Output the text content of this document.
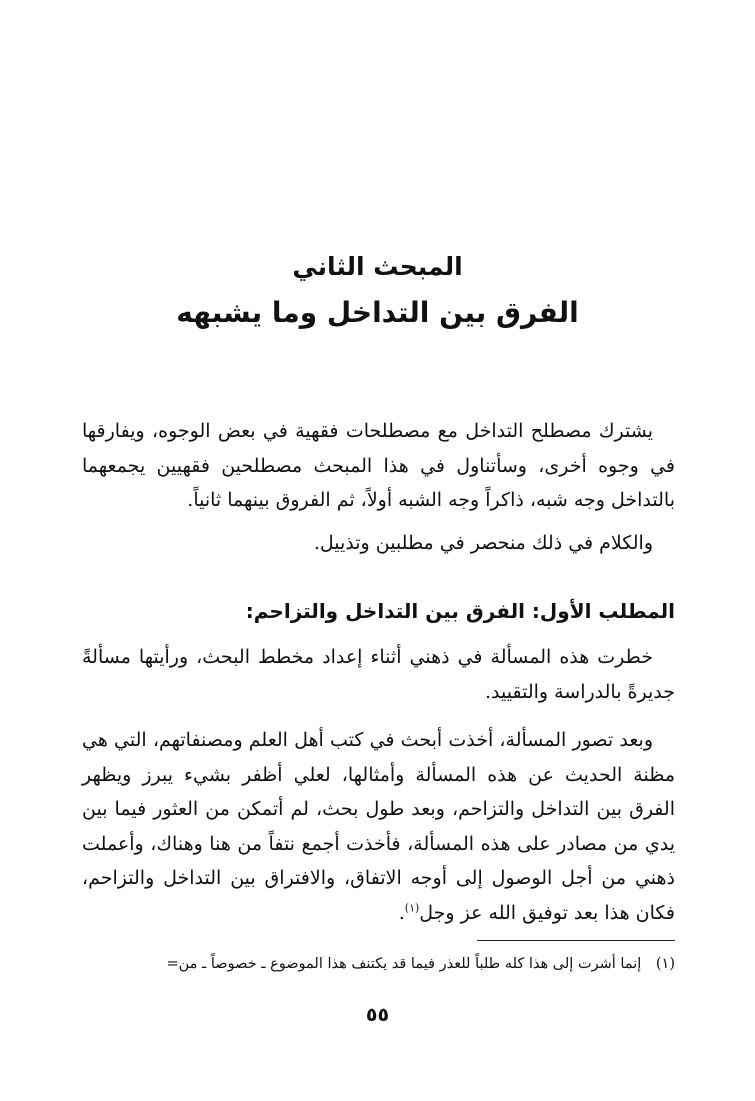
المبحث الثاني
الفرق بين التداخل وما يشبهه

يشترك مصطلح التداخل مع مصطلحات فقهية في بعض الوجوه، ويفارقها في وجوه أخرى، وسأتناول في هذا المبحث مصطلحين فقهيين يجمعهما بالتداخل وجه شبه، ذاكراً وجه الشبه أولاً، ثم الفروق بينهما ثانياً.

والكلام في ذلك منحصر في مطلبين وتذييل.

المطلب الأول: الفرق بين التداخل والتزاحم:

خطرت هذه المسألة في ذهني أثناء إعداد مخطط البحث، ورأيتها مسألةً جديرةً بالدراسة والتقييد.

وبعد تصور المسألة، أخذت أبحث في كتب أهل العلم ومصنفاتهم، التي هي مظنة الحديث عن هذه المسألة وأمثالها، لعلي أظفر بشيء يبرز ويظهر الفرق بين التداخل والتزاحم، وبعد طول بحث، لم أتمكن من العثور فيما بين يدي من مصادر على هذه المسألة، فأخذت أجمع نتفاً من هنا وهناك، وأعملت ذهني من أجل الوصول إلى أوجه الاتفاق، والافتراق بين التداخل والتزاحم، فكان هذا بعد توفيق الله عز وجل$^{(١)}$.

(١) إنما أشرت إلى هذا كله طلباً للعذر فيما قد يكتنف هذا الموضوع ـ خصوصاً ـ من=
٥٥
